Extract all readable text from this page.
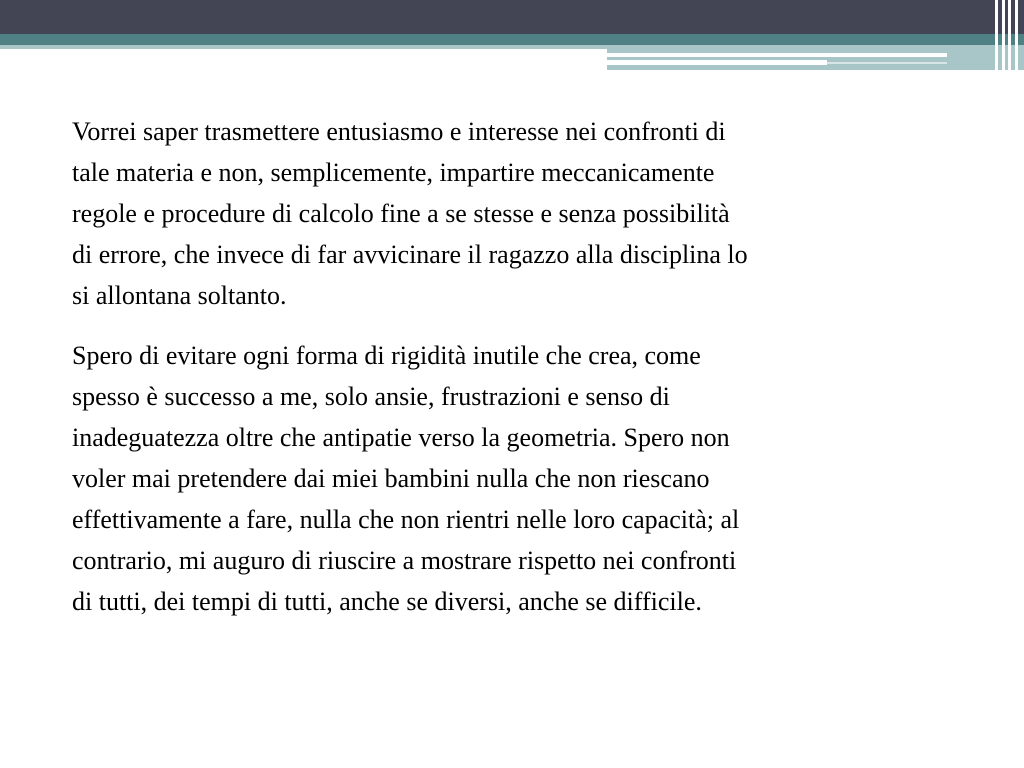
Vorrei saper trasmettere entusiasmo e interesse nei confronti di
tale materia e non, semplicemente, impartire meccanicamente
regole e procedure di calcolo fine a se stesse e senza possibilità
di errore, che invece di far avvicinare il ragazzo alla disciplina lo
si allontana soltanto.

Spero di evitare ogni forma di rigidità inutile che crea, come
spesso è successo a me, solo ansie, frustrazioni e senso di
inadeguatezza oltre che antipatie verso la geometria. Spero non
voler mai pretendere dai miei bambini nulla che non riescano
effettivamente a fare, nulla che non rientri nelle loro capacità; al
contrario, mi auguro di riuscire a mostrare rispetto nei confronti
di tutti, dei tempi di tutti, anche se diversi, anche se difficile.
